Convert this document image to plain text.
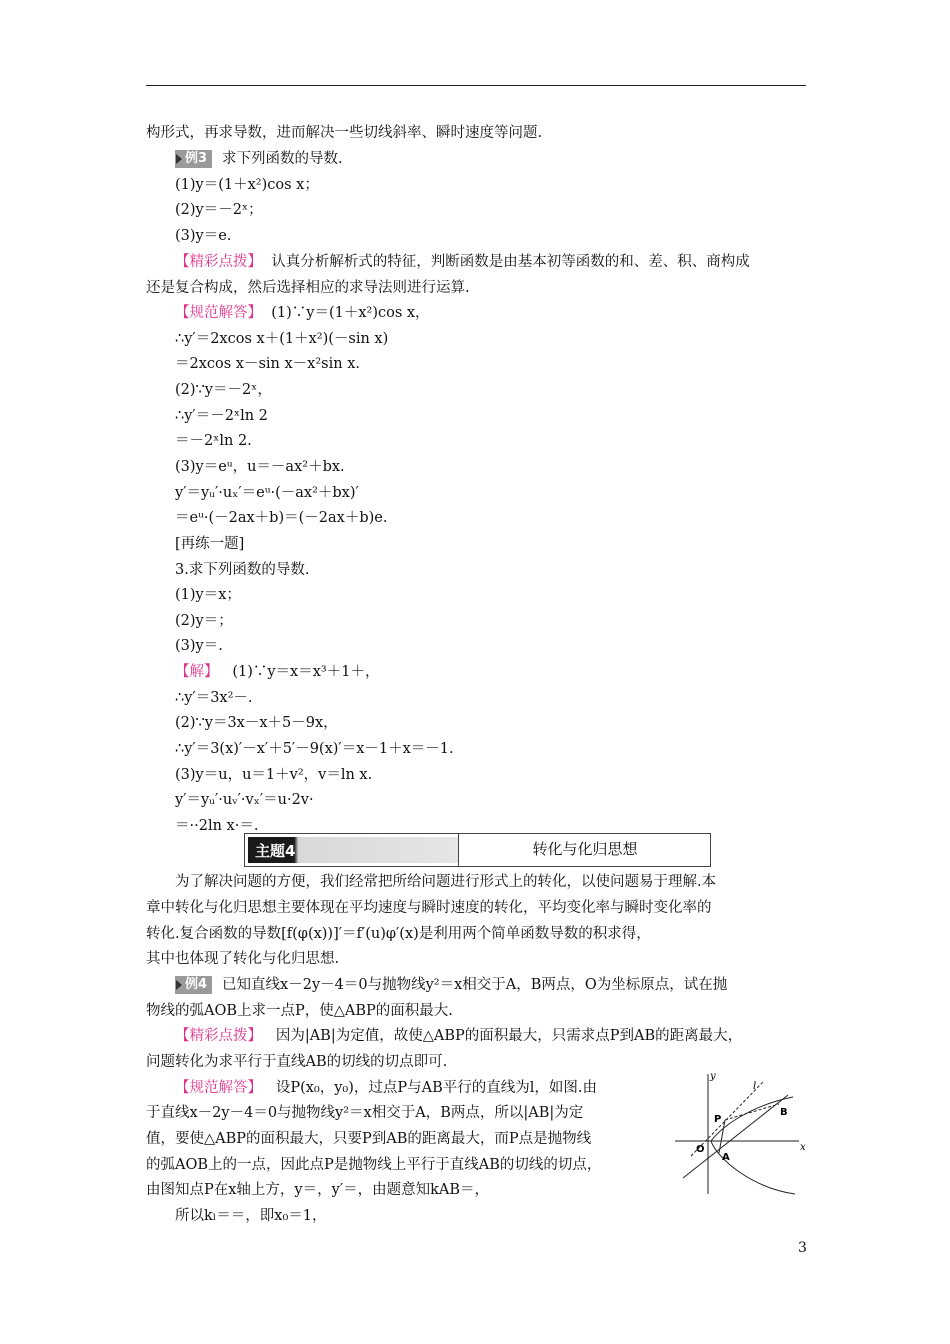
构形式，再求导数，进而解决一些切线斜率、瞬时速度等问题.
例3 求下列函数的导数.
(1)y＝(1＋x²)cos x；
(2)y＝－2ˣ；
(3)y＝e.
【精彩点拨】 认真分析解析式的特征，判断函数是由基本初等函数的和、差、积、商构成
还是复合构成，然后选择相应的求导法则进行运算.
【规范解答】 (1)∵y＝(1＋x²)cos x，
∴y′＝2xcos x＋(1＋x²)(－sin x)
＝2xcos x－sin x－x²sin x.
(2)∵y＝－2ˣ，
∴y′＝－2ˣln 2
＝－2ˣln 2.
(3)y＝eᵘ，u＝－ax²＋bx.
y′＝yᵤ′·uₓ′＝eᵘ·(－ax²＋bx)′
＝eᵘ·(－2ax＋b)＝(－2ax＋b)e.
[再练一题]
3.求下列函数的导数.
(1)y＝x；
(2)y＝；
(3)y＝.
【解】 (1)∵y＝x＝x³＋1＋，
∴y′＝3x²－.
(2)∵y＝3x－x＋5－9x，
∴y′＝3(x)′－x′＋5′－9(x)′＝x－1＋x＝－1.
(3)y＝u，u＝1＋v²，v＝ln x.
y′＝yᵤ′·uᵥ′·vₓ′＝u·2v·
＝··2ln x·＝.
主题4	转化与化归思想
为了解决问题的方便，我们经常把所给问题进行形式上的转化，以使问题易于理解.本
章中转化与化归思想主要体现在平均速度与瞬时速度的转化，平均变化率与瞬时变化率的
转化.复合函数的导数[f(φ(x))]′＝f′(u)φ′(x)是利用两个简单函数导数的积求得，
其中也体现了转化与化归思想.
例4 已知直线x－2y－4＝0与抛物线y²＝x相交于A，B两点，O为坐标原点，试在抛
物线的弧AOB上求一点P，使△ABP的面积最大.
【精彩点拨】 因为|AB|为定值，故使△ABP的面积最大，只需求点P到AB的距离最大，
问题转化为求平行于直线AB的切线的切点即可.
【规范解答】 设P(x₀，y₀)，过点P与AB平行的直线为l，如图.由
于直线x－2y－4＝0与抛物线y²＝x相交于A，B两点，所以|AB|为定
值，要使△ABP的面积最大，只要P到AB的距离最大，而P点是抛物线
的弧AOB上的一点，因此点P是抛物线上平行于直线AB的切线的切点，
由图知点P在x轴上方，y＝，y′＝，由题意知kAB＝，
所以kₗ＝＝，即x₀＝1，
y
l
B
P
O	x
A
3
